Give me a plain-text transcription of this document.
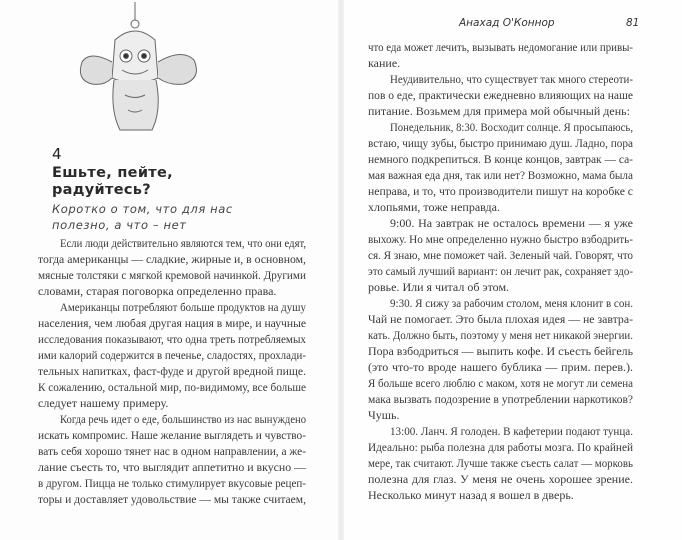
4
Ешьте, пейте,
радуйтесь?
Коротко о том, что для нас
полезно, а что – нет
Если люди действительно являются тем, что они едят,
тогда американцы — сладкие, жирные и, в основном,
мясные толстяки с мягкой кремовой начинкой. Другими
словами, старая поговорка определенно права.
Американцы потребляют больше продуктов на душу
населения, чем любая другая нация в мире, и научные
исследования показывают, что одна треть потребляемых
ими калорий содержится в печенье, сладостях, прохлади-
тельных напитках, фаст-фуде и другой вредной пище.
К сожалению, остальной мир, по-видимому, все больше
следует нашему примеру.
Когда речь идет о еде, большинство из нас вынуждено
искать компромис. Наше желание выглядеть и чувство-
вать себя хорошо тянет нас в одном направлении, а же-
лание съесть то, что выглядит аппетитно и вкусно —
в другом. Пицца не только стимулирует вкусовые рецеп-
торы и доставляет удовольствие — мы также считаем,
Анахад О'Коннор	81
что еда может лечить, вызывать недомогание или привы-
кание.
Неудивительно, что существует так много стереоти-
пов о еде, практически ежедневно влияющих на наше
питание. Возьмем для примера мой обычный день:
Понедельник, 8:30. Восходит солнце. Я просыпаюсь,
встаю, чищу зубы, быстро принимаю душ. Ладно, пора
немного подкрепиться. В конце концов, завтрак — са-
мая важная еда дня, так или нет? Возможно, мама была
неправа, и то, что производители пишут на коробке с
хлопьями, тоже неправда.
9:00. На завтрак не осталось времени — я уже
выхожу. Но мне определенно нужно быстро взбодрить-
ся. Я знаю, мне поможет чай. Зеленый чай. Говорят, что
это самый лучший вариант: он лечит рак, сохраняет здо-
ровье. Или я читал об этом.
9:30. Я сижу за рабочим столом, меня клонит в сон.
Чай не помогает. Это была плохая идея — не завтра-
кать. Должно быть, поэтому у меня нет никакой энергии.
Пора взбодриться — выпить кофе. И съесть бейгель
(это что-то вроде нашего бублика — прим. перев.).
Я больше всего люблю с маком, хотя не могут ли семена
мака вызвать подозрение в употреблении наркотиков?
Чушь.
13:00. Ланч. Я голоден. В кафетерии подают тунца.
Идеально: рыба полезна для работы мозга. По крайней
мере, так считают. Лучше также съесть салат — морковь
полезна для глаз. У меня не очень хорошее зрение.
Несколько минут назад я вошел в дверь.
